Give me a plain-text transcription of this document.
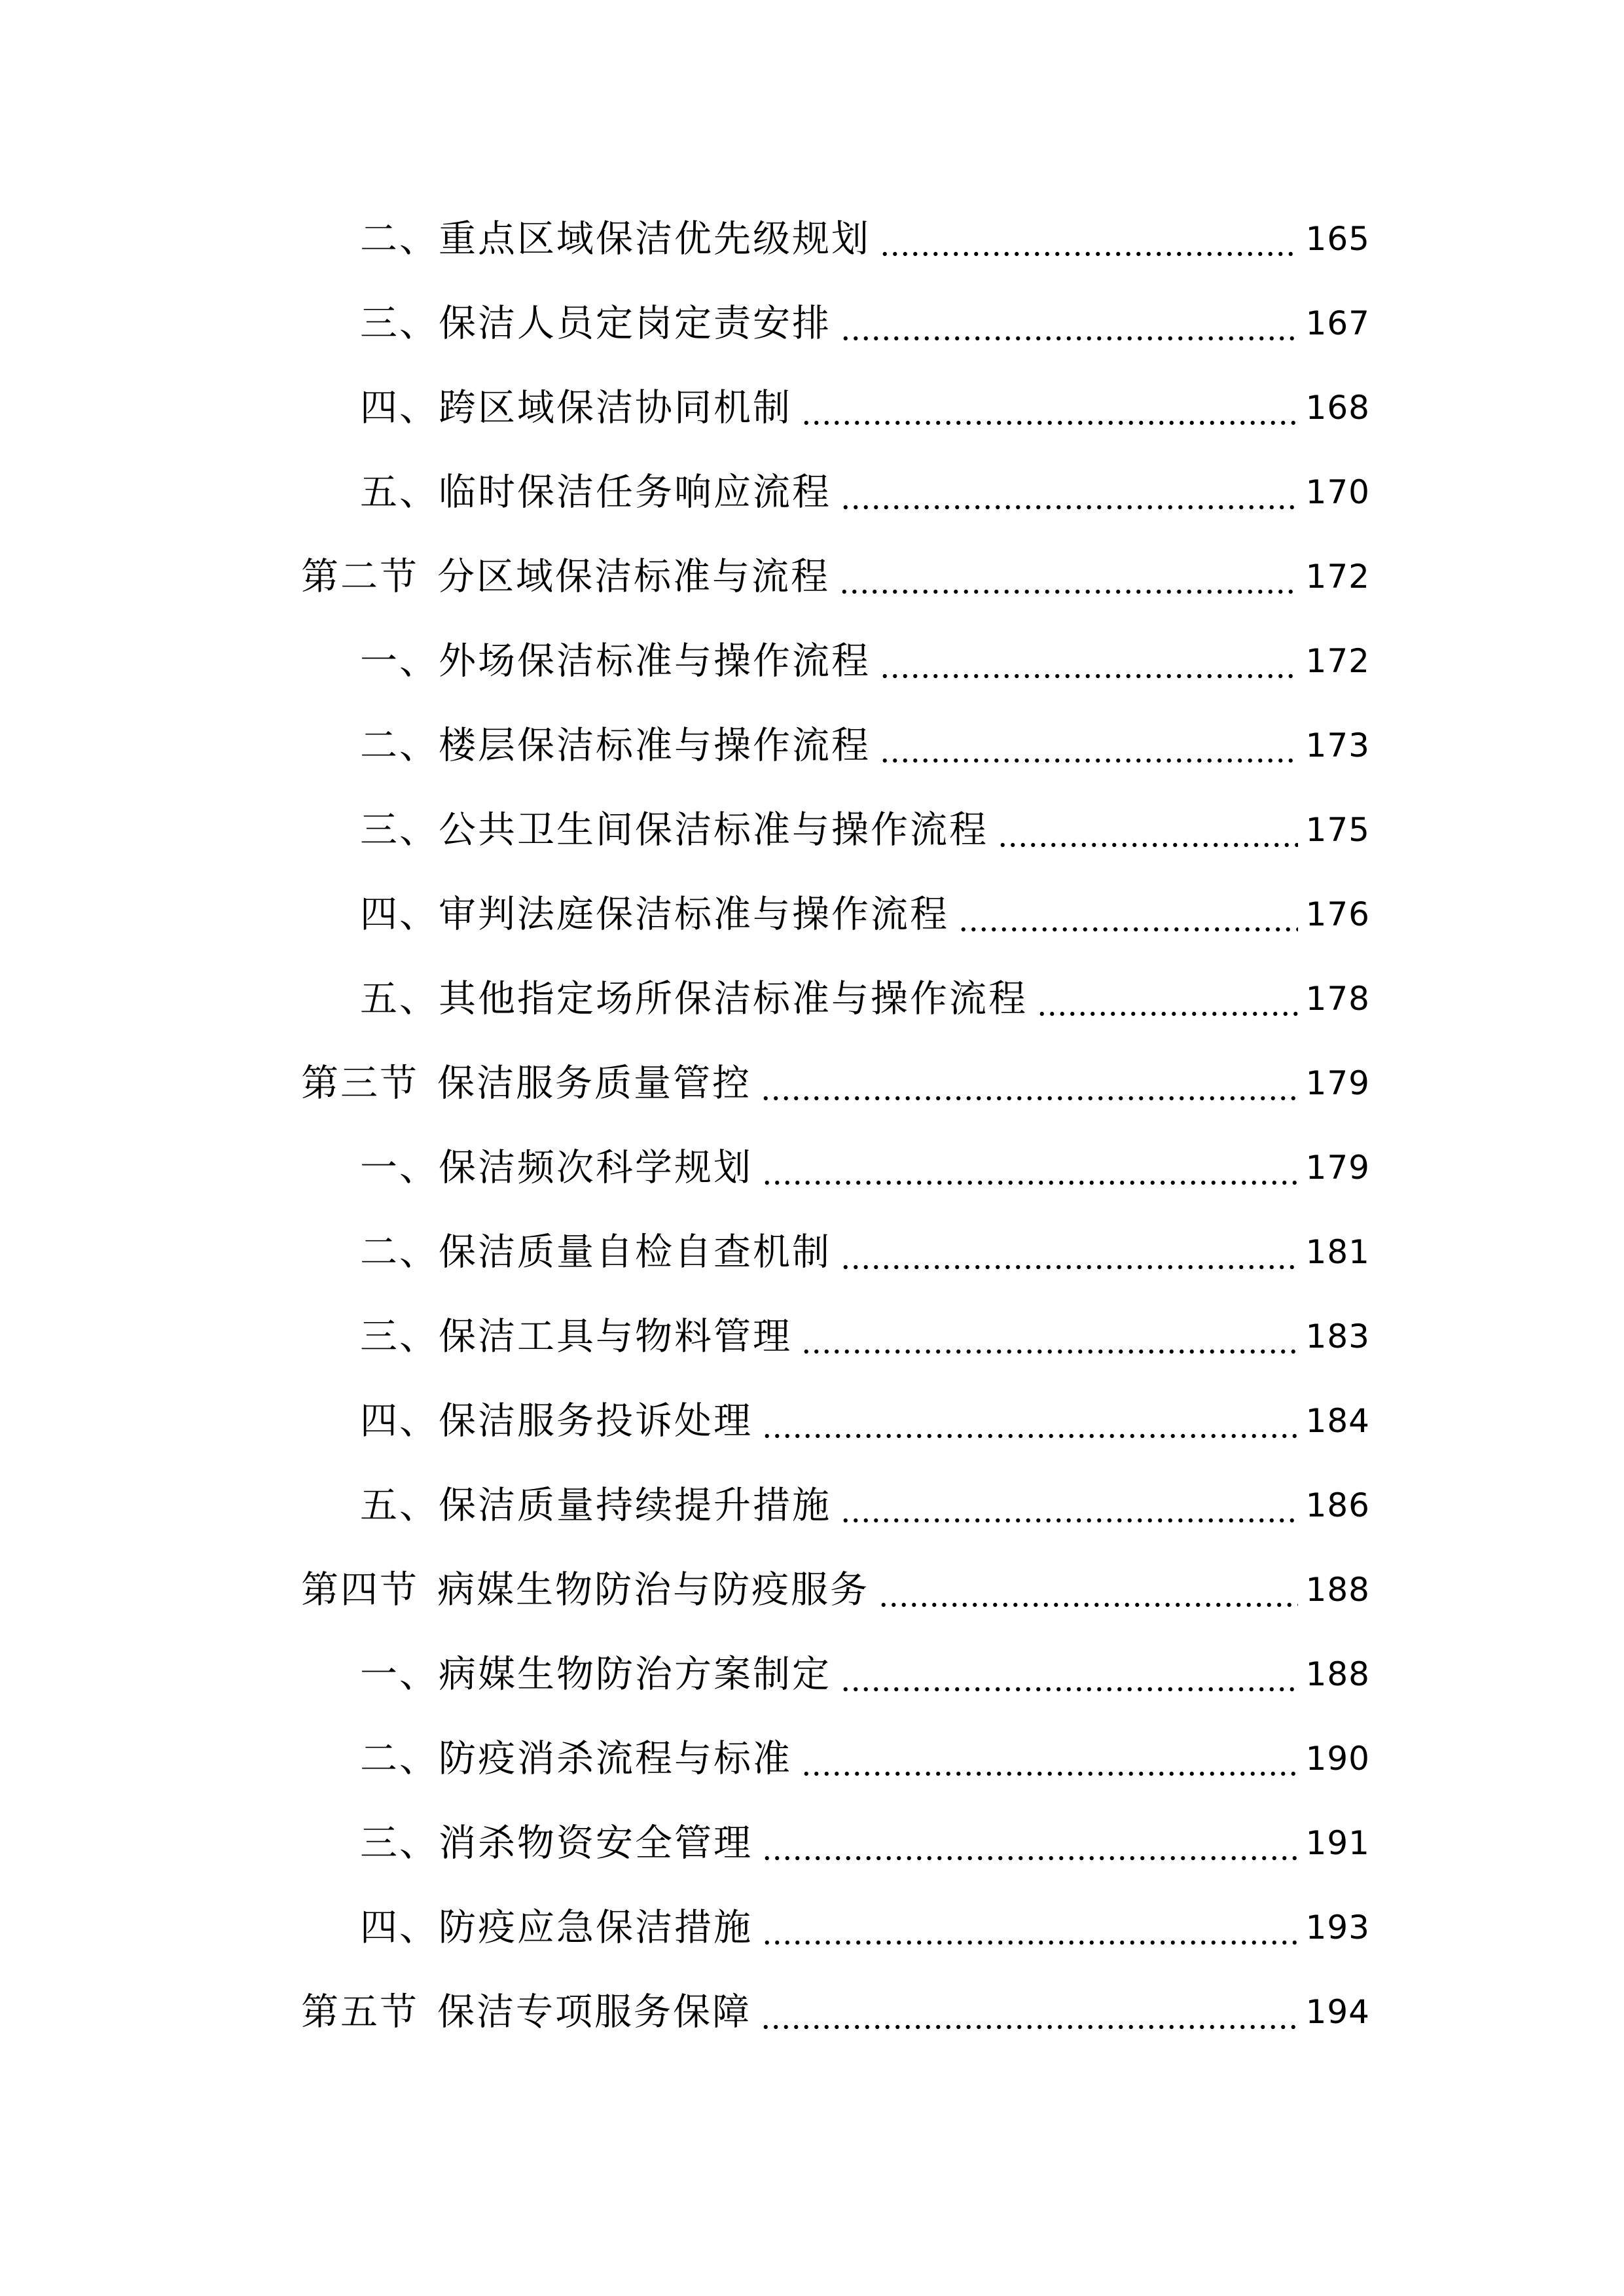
二、重点区域保洁优先级规划	165
三、保洁人员定岗定责安排	167
四、跨区域保洁协同机制	168
五、临时保洁任务响应流程	170
第二节 分区域保洁标准与流程	172
一、外场保洁标准与操作流程	172
二、楼层保洁标准与操作流程	173
三、公共卫生间保洁标准与操作流程	175
四、审判法庭保洁标准与操作流程	176
五、其他指定场所保洁标准与操作流程	178
第三节 保洁服务质量管控	179
一、保洁频次科学规划	179
二、保洁质量自检自查机制	181
三、保洁工具与物料管理	183
四、保洁服务投诉处理	184
五、保洁质量持续提升措施	186
第四节 病媒生物防治与防疫服务	188
一、病媒生物防治方案制定	188
二、防疫消杀流程与标准	190
三、消杀物资安全管理	191
四、防疫应急保洁措施	193
第五节 保洁专项服务保障	194
